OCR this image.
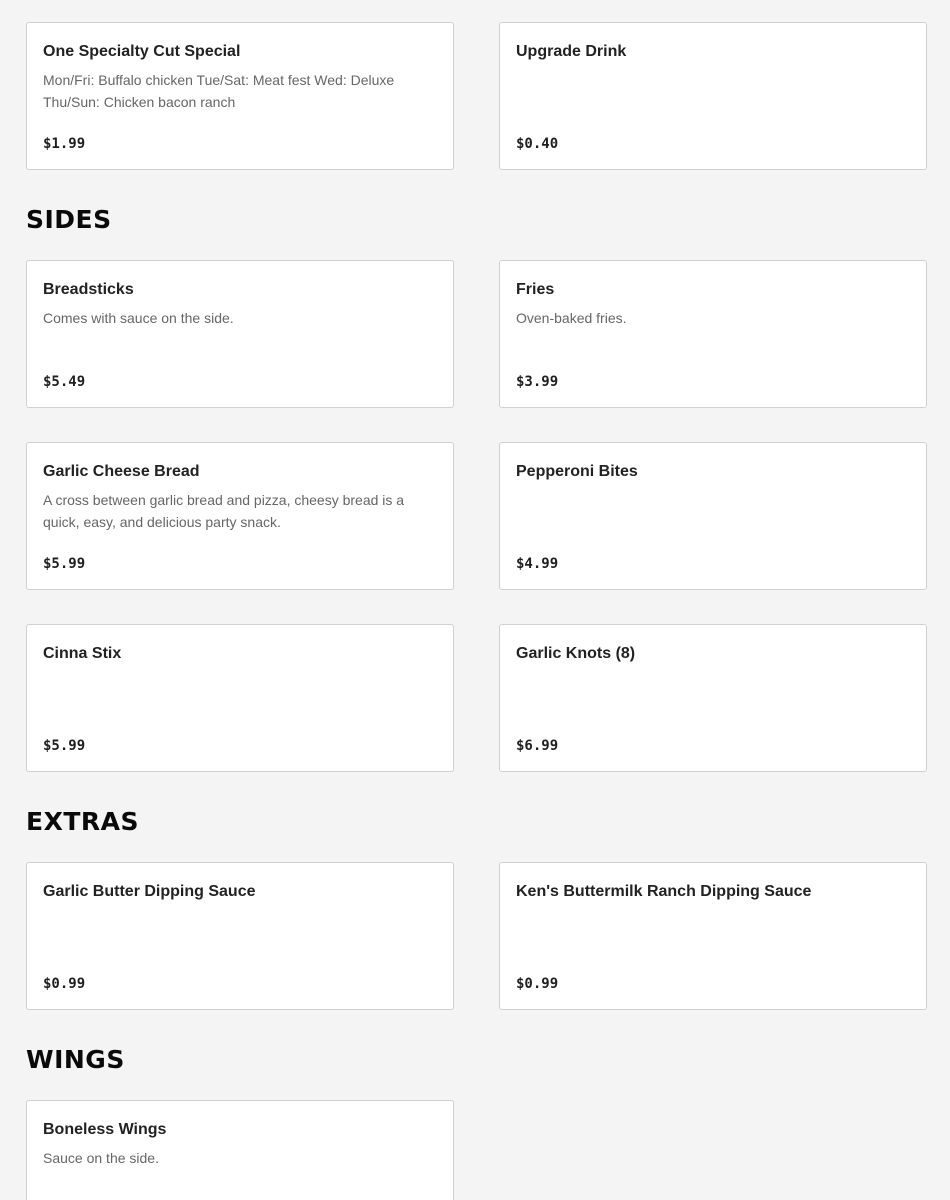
One Specialty Cut Special
Mon/Fri: Buffalo chicken Tue/Sat: Meat fest Wed: Deluxe Thu/Sun: Chicken bacon ranch
$1.99
Upgrade Drink
$0.40
SIDES
Breadsticks
Comes with sauce on the side.
$5.49
Fries
Oven-baked fries.
$3.99
Garlic Cheese Bread
A cross between garlic bread and pizza, cheesy bread is a quick, easy, and delicious party snack.
$5.99
Pepperoni Bites
$4.99
Cinna Stix
$5.99
Garlic Knots (8)
$6.99
EXTRAS
Garlic Butter Dipping Sauce
$0.99
Ken's Buttermilk Ranch Dipping Sauce
$0.99
WINGS
Boneless Wings
Sauce on the side.
